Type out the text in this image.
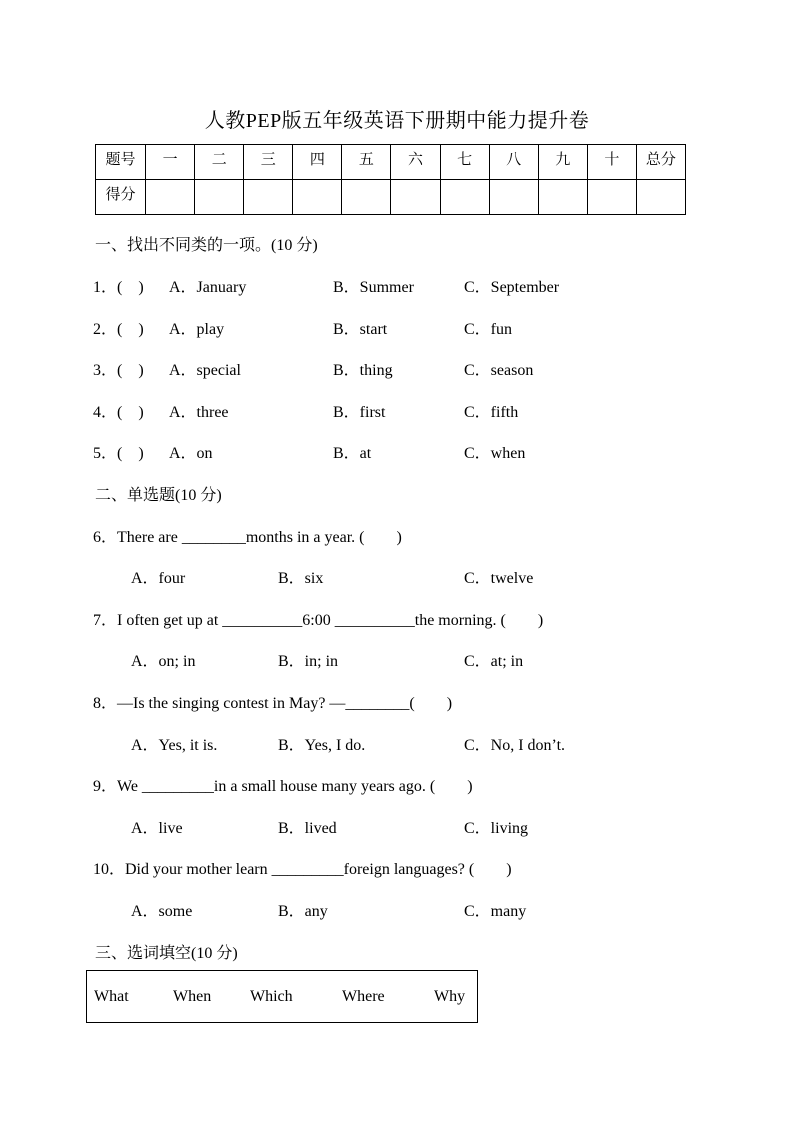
人教PEP版五年级英语下册期中能力提升卷
题号	一	二	三	四	五	六	七	八	九	十	总分
得分											
一、找出不同类的一项。(10 分)
1．(　) A．January	B．Summer	C．September
2．(　) A．play	B．start	C．fun
3．(　) A．special	B．thing	C．season
4．(　) A．three	B．first	C．fifth
5．(　) A．on	B．at	C．when
二、单选题(10 分)
6．There are ________months in a year. (　　)
A．four	B．six	C．twelve
7．I often get up at __________6:00 __________the morning. (　　)
A．on; in	B．in; in	C．at; in
8．—Is the singing contest in May? —________(　　)
A．Yes, it is.	B．Yes, I do.	C．No, I don’t.
9．We _________in a small house many years ago. (　　)
A．live	B．lived	C．living
10．Did your mother learn _________foreign languages? (　　)
A．some	B．any	C．many
三、选词填空(10 分)
What	When Which	Where	Why
